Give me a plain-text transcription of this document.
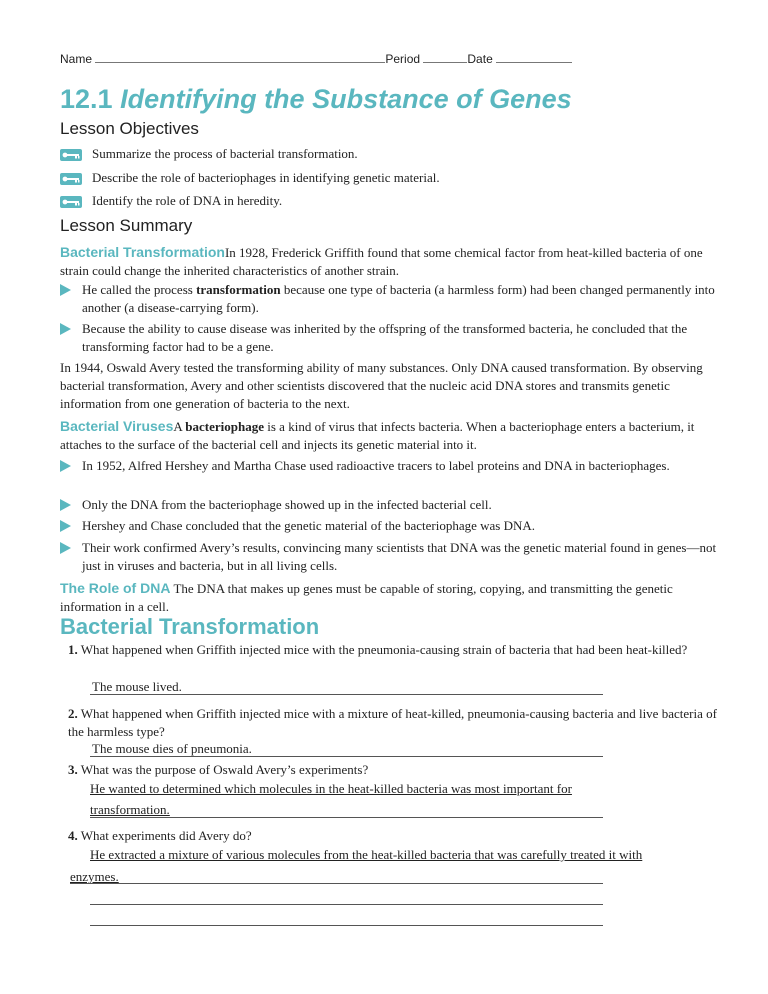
Name	Period	Date
12.1 Identifying the Substance of Genes
Lesson Objectives
Summarize the process of bacterial transformation.
Describe the role of bacteriophages in identifying genetic material.
Identify the role of DNA in heredity.
Lesson Summary
Bacterial TransformationIn 1928, Frederick Griffith found that some chemical factor from heat-killed bacteria of one strain could change the inherited characteristics of another strain.
He called the process transformation because one type of bacteria (a harmless form) had been changed permanently into another (a disease-carrying form).
Because the ability to cause disease was inherited by the offspring of the transformed bacteria, he concluded that the transforming factor had to be a gene.
In 1944, Oswald Avery tested the transforming ability of many substances. Only DNA caused transformation. By observing bacterial transformation, Avery and other scientists discovered that the nucleic acid DNA stores and transmits genetic information from one generation of bacteria to the next.
Bacterial VirusesA bacteriophage is a kind of virus that infects bacteria. When a bacteriophage enters a bacterium, it attaches to the surface of the bacterial cell and injects its genetic material into it.
In 1952, Alfred Hershey and Martha Chase used radioactive tracers to label proteins and DNA in bacteriophages.
Only the DNA from the bacteriophage showed up in the infected bacterial cell.
Hershey and Chase concluded that the genetic material of the bacteriophage was DNA.
Their work confirmed Avery’s results, convincing many scientists that DNA was the genetic material found in genes—not just in viruses and bacteria, but in all living cells.
The Role of DNA The DNA that makes up genes must be capable of storing, copying, and transmitting the genetic information in a cell.
Bacterial Transformation
1. What happened when Griffith injected mice with the pneumonia-causing strain of bacteria that had been heat-killed?
The mouse lived.
2. What happened when Griffith injected mice with a mixture of heat-killed, pneumonia-causing bacteria and live bacteria of the harmless type?
The mouse dies of pneumonia.
3. What was the purpose of Oswald Avery’s experiments?
He wanted to determined which molecules in the heat-killed bacteria was most important for
transformation.
4. What experiments did Avery do?
He extracted a mixture of various molecules from the heat-killed bacteria that was carefully treated it with
enzymes.
